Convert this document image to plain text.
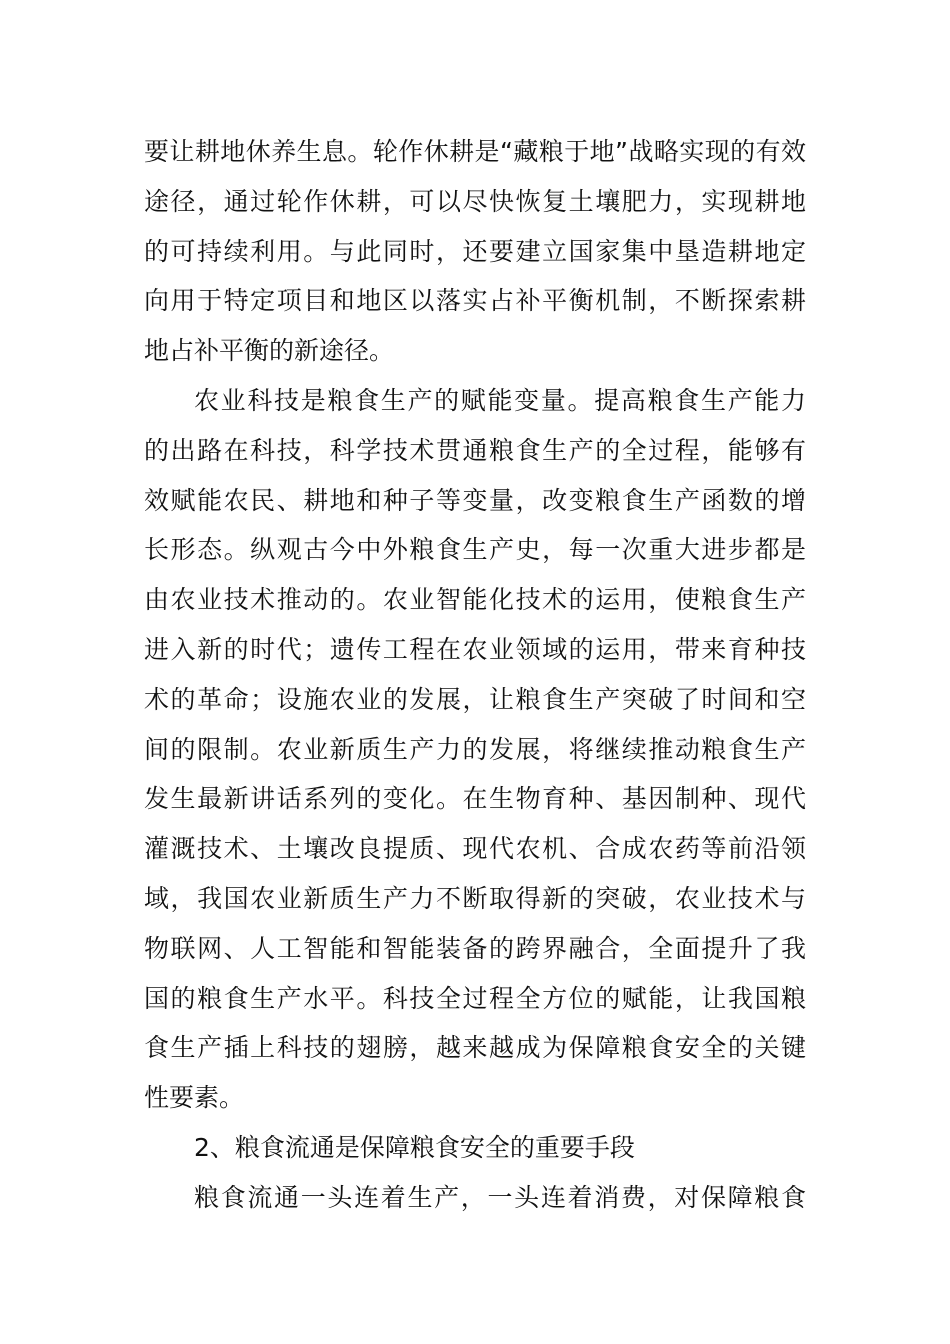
要让耕地休养生息。轮作休耕是“藏粮于地”战略实现的有效
途径，通过轮作休耕，可以尽快恢复土壤肥力，实现耕地
的可持续利用。与此同时，还要建立国家集中垦造耕地定
向用于特定项目和地区以落实占补平衡机制，不断探索耕
地占补平衡的新途径。
农业科技是粮食生产的赋能变量。提高粮食生产能力
的出路在科技，科学技术贯通粮食生产的全过程，能够有
效赋能农民、耕地和种子等变量，改变粮食生产函数的增
长形态。纵观古今中外粮食生产史，每一次重大进步都是
由农业技术推动的。农业智能化技术的运用，使粮食生产
进入新的时代；遗传工程在农业领域的运用，带来育种技
术的革命；设施农业的发展，让粮食生产突破了时间和空
间的限制。农业新质生产力的发展，将继续推动粮食生产
发生最新讲话系列的变化。在生物育种、基因制种、现代
灌溉技术、土壤改良提质、现代农机、合成农药等前沿领
域，我国农业新质生产力不断取得新的突破，农业技术与
物联网、人工智能和智能装备的跨界融合，全面提升了我
国的粮食生产水平。科技全过程全方位的赋能，让我国粮
食生产插上科技的翅膀，越来越成为保障粮食安全的关键
性要素。
2、粮食流通是保障粮食安全的重要手段
粮食流通一头连着生产，一头连着消费，对保障粮食
